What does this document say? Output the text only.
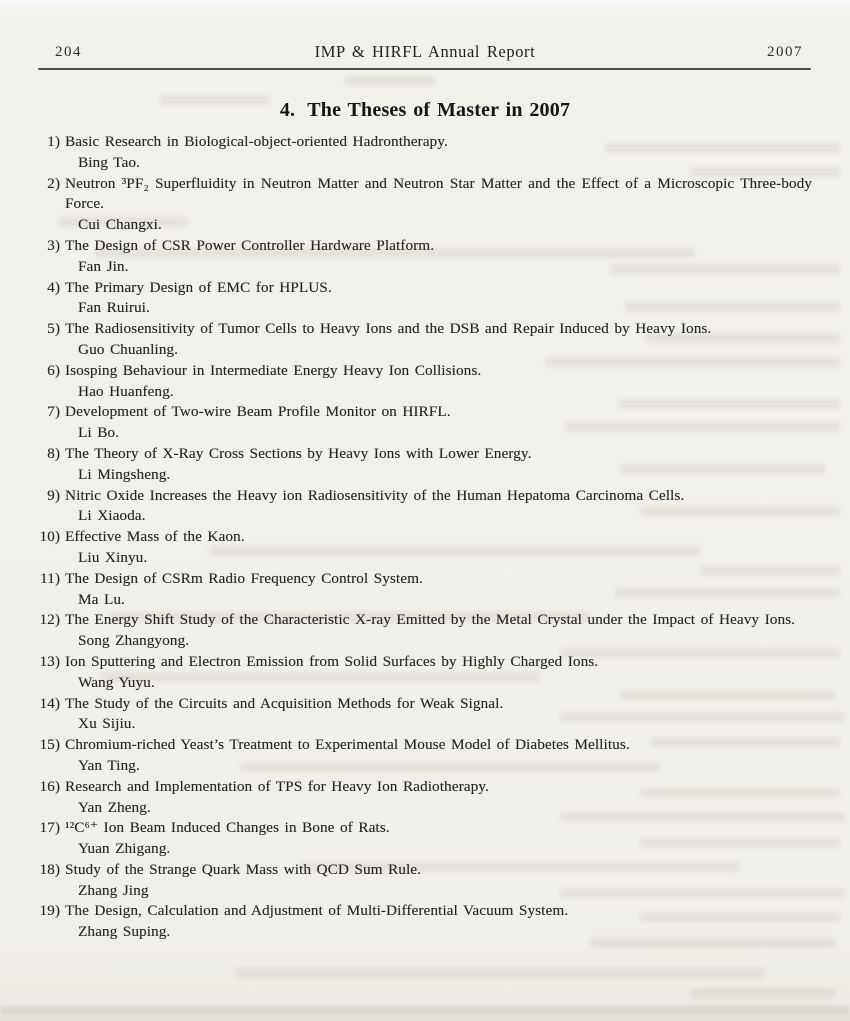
204	IMP & HIRFL Annual Report	2007
4. The Theses of Master in 2007
1) Basic Research in Biological-object-oriented Hadrontherapy.
Bing Tao.
2) Neutron ³PF₂ Superfluidity in Neutron Matter and Neutron Star Matter and the Effect of a Microscopic Three-body Force.
Cui Changxi.
3) The Design of CSR Power Controller Hardware Platform.
Fan Jin.
4) The Primary Design of EMC for HPLUS.
Fan Ruirui.
5) The Radiosensitivity of Tumor Cells to Heavy Ions and the DSB and Repair Induced by Heavy Ions.
Guo Chuanling.
6) Isosping Behaviour in Intermediate Energy Heavy Ion Collisions.
Hao Huanfeng.
7) Development of Two-wire Beam Profile Monitor on HIRFL.
Li Bo.
8) The Theory of X-Ray Cross Sections by Heavy Ions with Lower Energy.
Li Mingsheng.
9) Nitric Oxide Increases the Heavy ion Radiosensitivity of the Human Hepatoma Carcinoma Cells.
Li Xiaoda.
10) Effective Mass of the Kaon.
Liu Xinyu.
11) The Design of CSRm Radio Frequency Control System.
Ma Lu.
12) The Energy Shift Study of the Characteristic X-ray Emitted by the Metal Crystal under the Impact of Heavy Ions.
Song Zhangyong.
13) Ion Sputtering and Electron Emission from Solid Surfaces by Highly Charged Ions.
Wang Yuyu.
14) The Study of the Circuits and Acquisition Methods for Weak Signal.
Xu Sijiu.
15) Chromium-riched Yeast’s Treatment to Experimental Mouse Model of Diabetes Mellitus.
Yan Ting.
16) Research and Implementation of TPS for Heavy Ion Radiotherapy.
Yan Zheng.
17) ¹²C⁶⁺ Ion Beam Induced Changes in Bone of Rats.
Yuan Zhigang.
18) Study of the Strange Quark Mass with QCD Sum Rule.
Zhang Jing
19) The Design, Calculation and Adjustment of Multi-Differential Vacuum System.
Zhang Suping.
